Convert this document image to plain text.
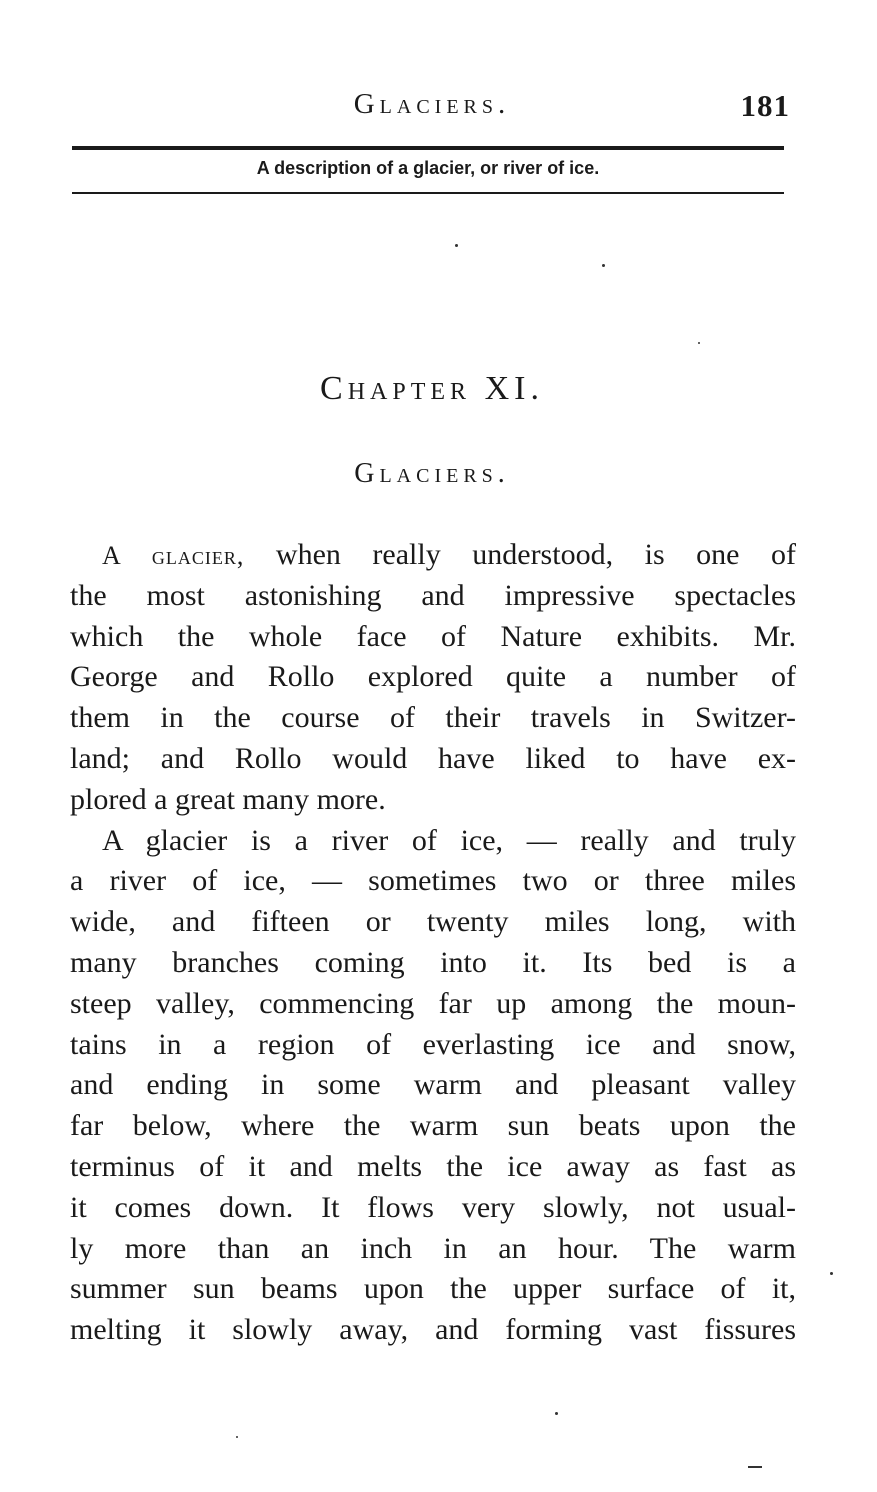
Glaciers.	181
A description of a glacier, or river of ice.
Chapter XI.
Glaciers.
A glacier, when really understood, is one of
the most astonishing and impressive spectacles
which the whole face of Nature exhibits. Mr.
George and Rollo explored quite a number of
them in the course of their travels in Switzer-
land; and Rollo would have liked to have ex-
plored a great many more.
A glacier is a river of ice, — really and truly
a river of ice, — sometimes two or three miles
wide, and fifteen or twenty miles long, with
many branches coming into it. Its bed is a
steep valley, commencing far up among the moun-
tains in a region of everlasting ice and snow,
and ending in some warm and pleasant valley
far below, where the warm sun beats upon the
terminus of it and melts the ice away as fast as
it comes down. It flows very slowly, not usual-
ly more than an inch in an hour. The warm
summer sun beams upon the upper surface of it,
melting it slowly away, and forming vast fissures
